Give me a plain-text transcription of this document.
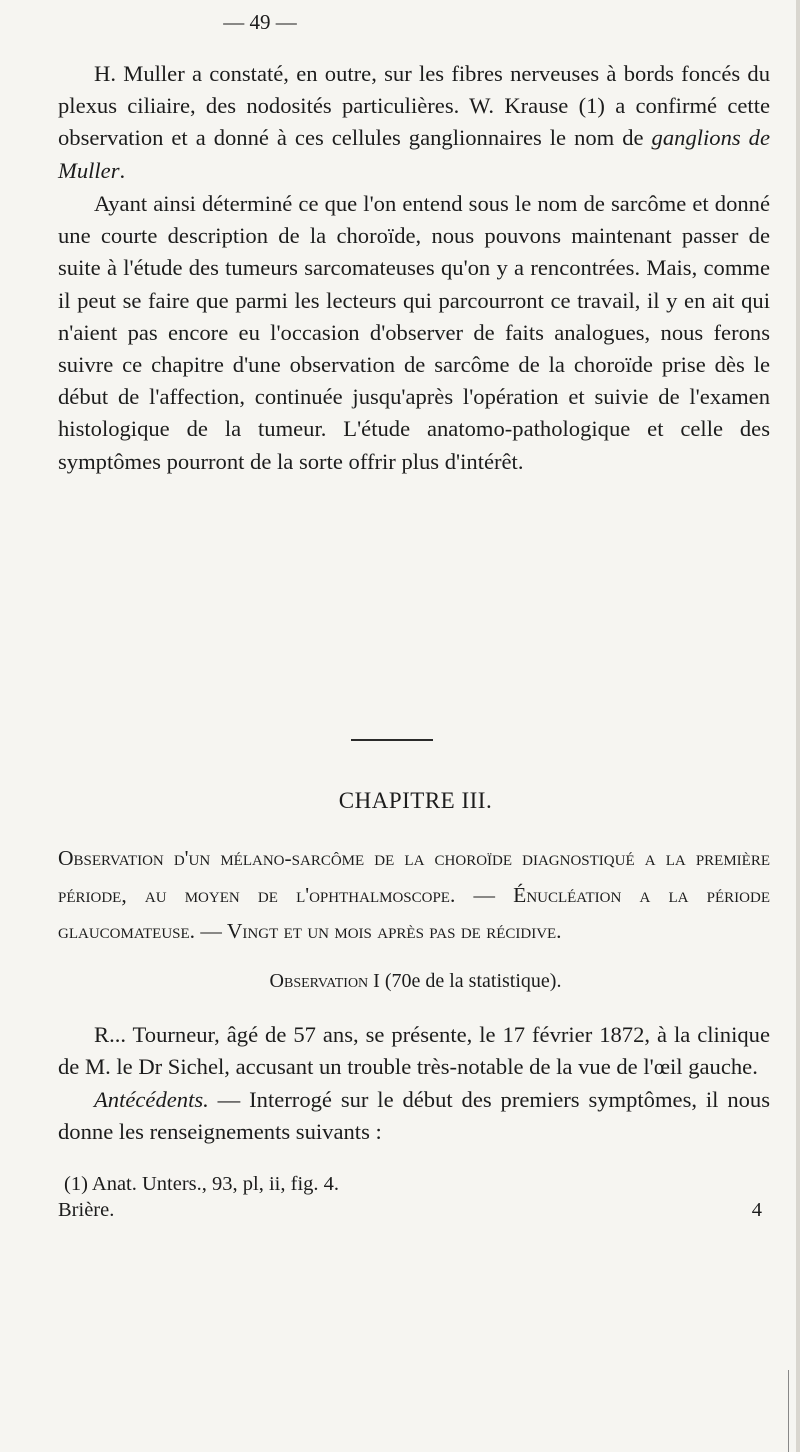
— 49 —

H. Muller a constaté, en outre, sur les fibres nerveuses à bords foncés du plexus ciliaire, des nodosités particulières. W. Krause (1) a confirmé cette observation et a donné à ces cellules ganglionnaires le nom de ganglions de Muller.

Ayant ainsi déterminé ce que l'on entend sous le nom de sarcôme et donné une courte description de la choroïde, nous pouvons maintenant passer de suite à l'étude des tumeurs sarcomateuses qu'on y a rencontrées. Mais, comme il peut se faire que parmi les lecteurs qui parcourront ce travail, il y en ait qui n'aient pas encore eu l'occasion d'observer de faits analogues, nous ferons suivre ce chapitre d'une observation de sarcôme de la choroïde prise dès le début de l'affection, continuée jusqu'après l'opération et suivie de l'examen histologique de la tumeur. L'étude anatomo-pathologique et celle des symptômes pourront de la sorte offrir plus d'intérêt.

CHAPITRE III.
Observation d'un mélano-sarcôme de la choroïde diagnostiqué a la première période, au moyen de l'ophthalmoscope. — Énucléation a la période glaucomateuse. — Vingt et un mois après pas de récidive.
Observation I (70e de la statistique).

R... Tourneur, âgé de 57 ans, se présente, le 17 février 1872, à la clinique de M. le Dr Sichel, accusant un trouble très-notable de la vue de l'œil gauche.

Antécédents. — Interrogé sur le début des premiers symptômes, il nous donne les renseignements suivants :

(1) Anat. Unters., 93, pl, ii, fig. 4.
Brière.	4
